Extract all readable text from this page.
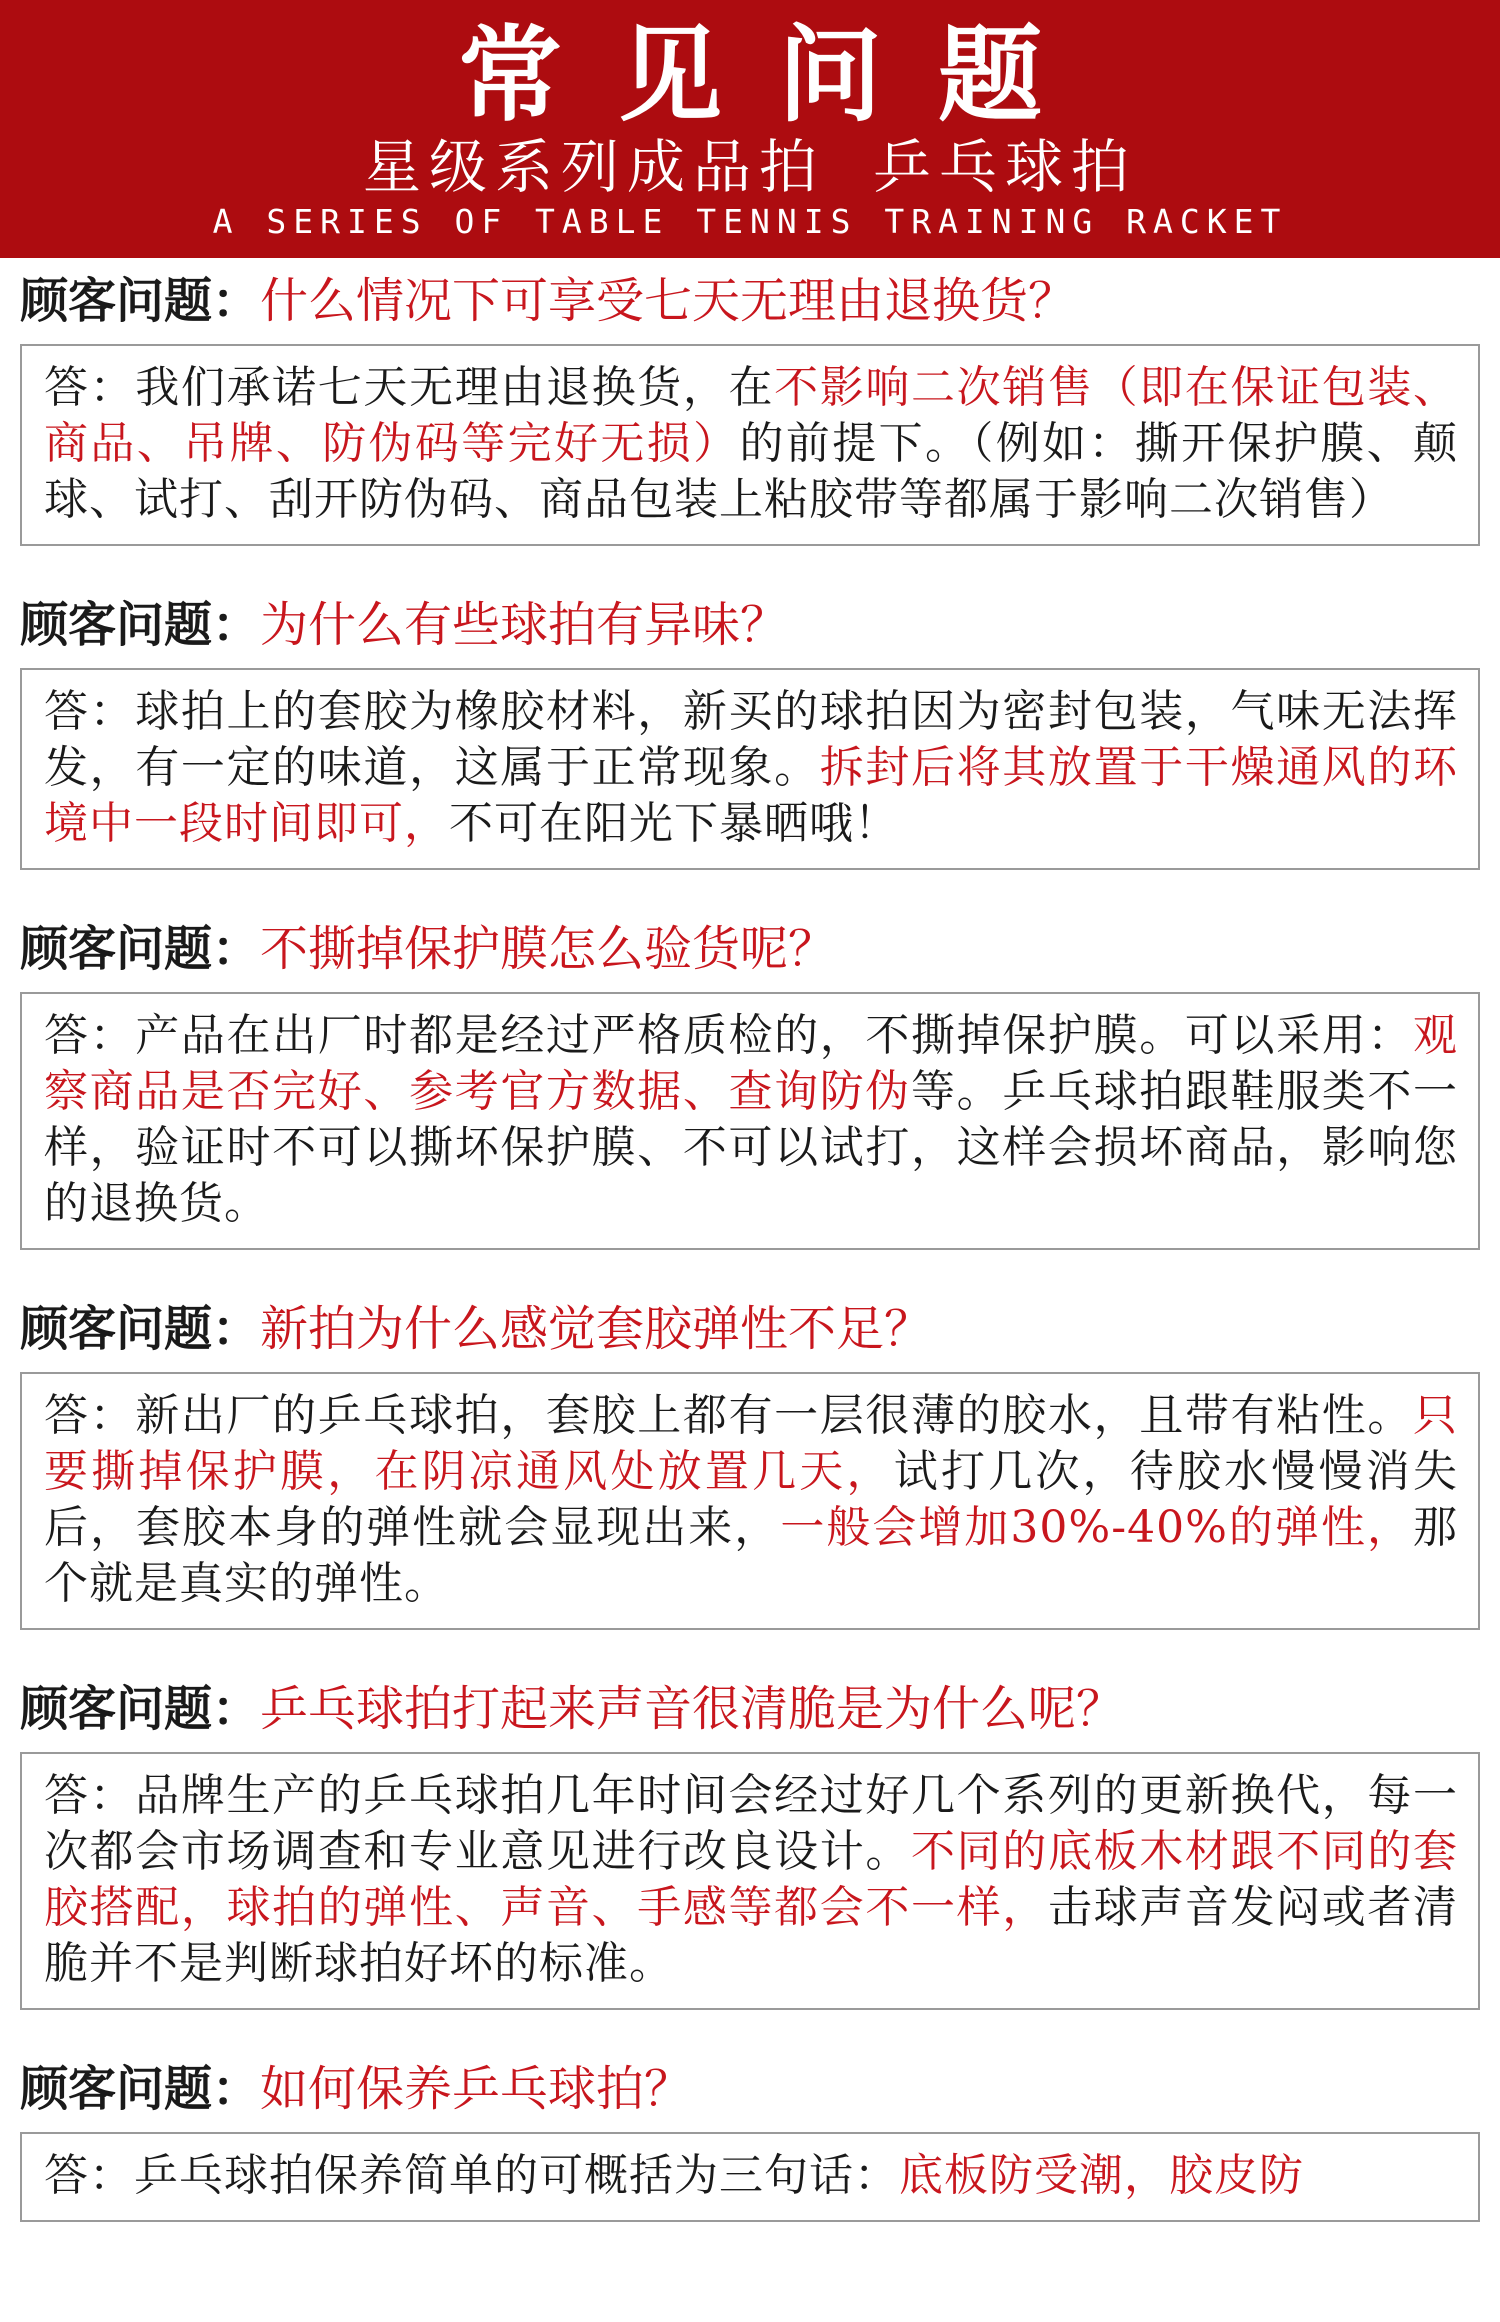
常见问题
星级系列成品拍 乒乓球拍
A SERIES OF TABLE TENNIS TRAINING RACKET
顾客问题：什么情况下可享受七天无理由退换货？
答：我们承诺七天无理由退换货，在不影响二次销售（即在保证包装、商品、吊牌、防伪码等完好无损）的前提下。（例如：撕开保护膜、颠球、试打、刮开防伪码、商品包装上粘胶带等都属于影响二次销售）
顾客问题：为什么有些球拍有异味？
答：球拍上的套胶为橡胶材料，新买的球拍因为密封包装，气味无法挥发，有一定的味道，这属于正常现象。拆封后将其放置于干燥通风的环境中一段时间即可，不可在阳光下暴晒哦！
顾客问题：不撕掉保护膜怎么验货呢？
答：产品在出厂时都是经过严格质检的，不撕掉保护膜。可以采用：观察商品是否完好、参考官方数据、查询防伪等。乒乓球拍跟鞋服类不一样，验证时不可以撕坏保护膜、不可以试打，这样会损坏商品，影响您的退换货。
顾客问题：新拍为什么感觉套胶弹性不足？
答：新出厂的乒乓球拍，套胶上都有一层很薄的胶水，且带有粘性。只要撕掉保护膜，在阴凉通风处放置几天，试打几次，待胶水慢慢消失后，套胶本身的弹性就会显现出来，一般会增加30%-40%的弹性，那个就是真实的弹性。
顾客问题：乒乓球拍打起来声音很清脆是为什么呢？
答：品牌生产的乒乓球拍几年时间会经过好几个系列的更新换代，每一次都会市场调查和专业意见进行改良设计。不同的底板木材跟不同的套胶搭配，球拍的弹性、声音、手感等都会不一样，击球声音发闷或者清脆并不是判断球拍好坏的标准。
顾客问题：如何保养乒乓球拍？
答：乒乓球拍保养简单的可概括为三句话：底板防受潮，胶皮防
